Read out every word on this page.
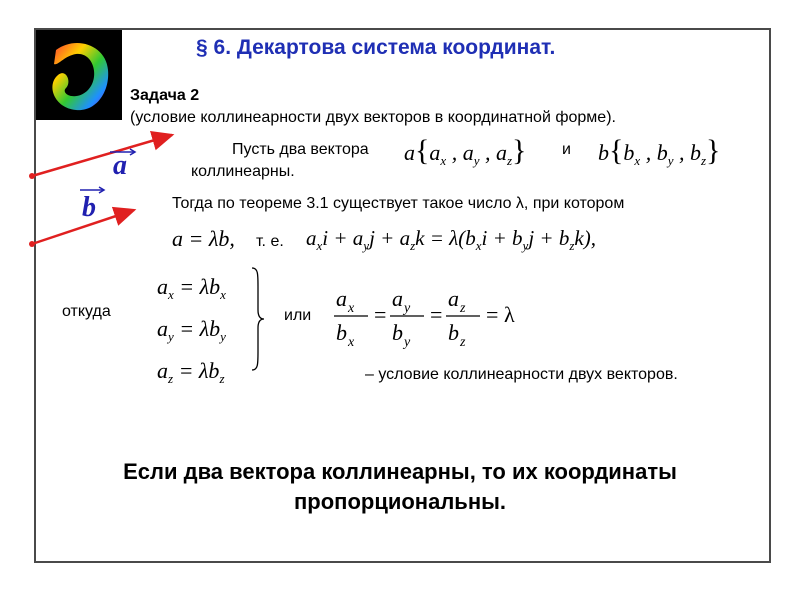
§ 6. Декартова система координат.
Задача 2
(условие коллинеарности двух векторов в координатной форме).
a
b
Пусть два вектора $a\{a_x$ , $a_y$ , $a_z$} и $b\{b_x$ , $b_y$ , $b_z$}
коллинеарны.
Тогда по теореме 3.1 существует такое число λ, при котором
a = λb, т. е. $a_xi + a_yj + a_zk = \lambda(b_xi + b_yj + b_zk)$,
откуда
$a_x = \lambda b_x$
$a_y = \lambda b_y$
$a_z = \lambda b_z$
или
a x
b x
=
a y
b y
=
a z
b z
= λ
– условие коллинеарности двух векторов.
Если два вектора коллинеарны, то их координаты
пропорциональны.
